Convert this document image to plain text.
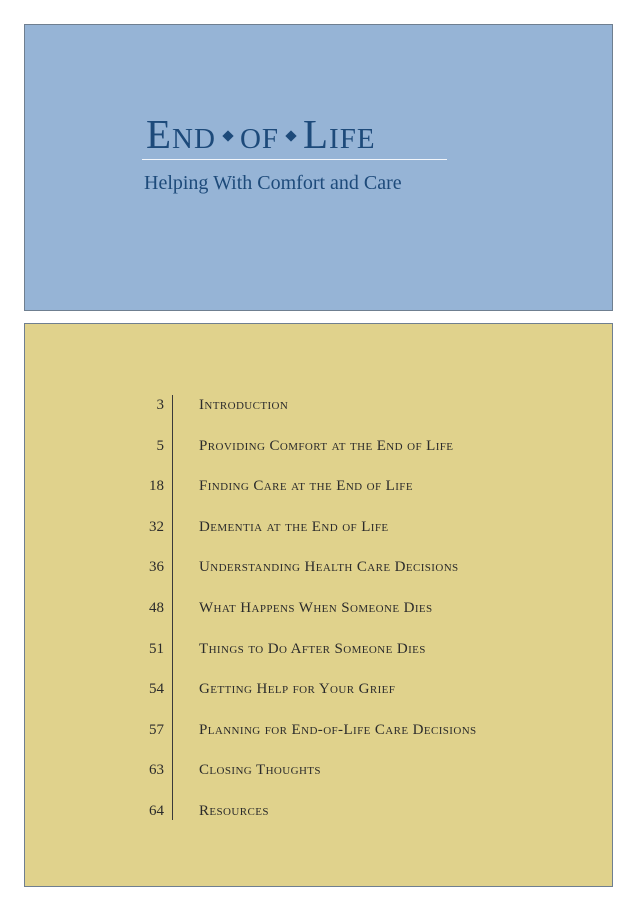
End of Life
Helping With Comfort and Care
3 Introduction
5 Providing Comfort at the End of Life
18 Finding Care at the End of Life
32 Dementia at the End of Life
36 Understanding Health Care Decisions
48 What Happens When Someone Dies
51 Things to Do After Someone Dies
54 Getting Help for Your Grief
57 Planning for End-of-Life Care Decisions
63 Closing Thoughts
64 Resources
